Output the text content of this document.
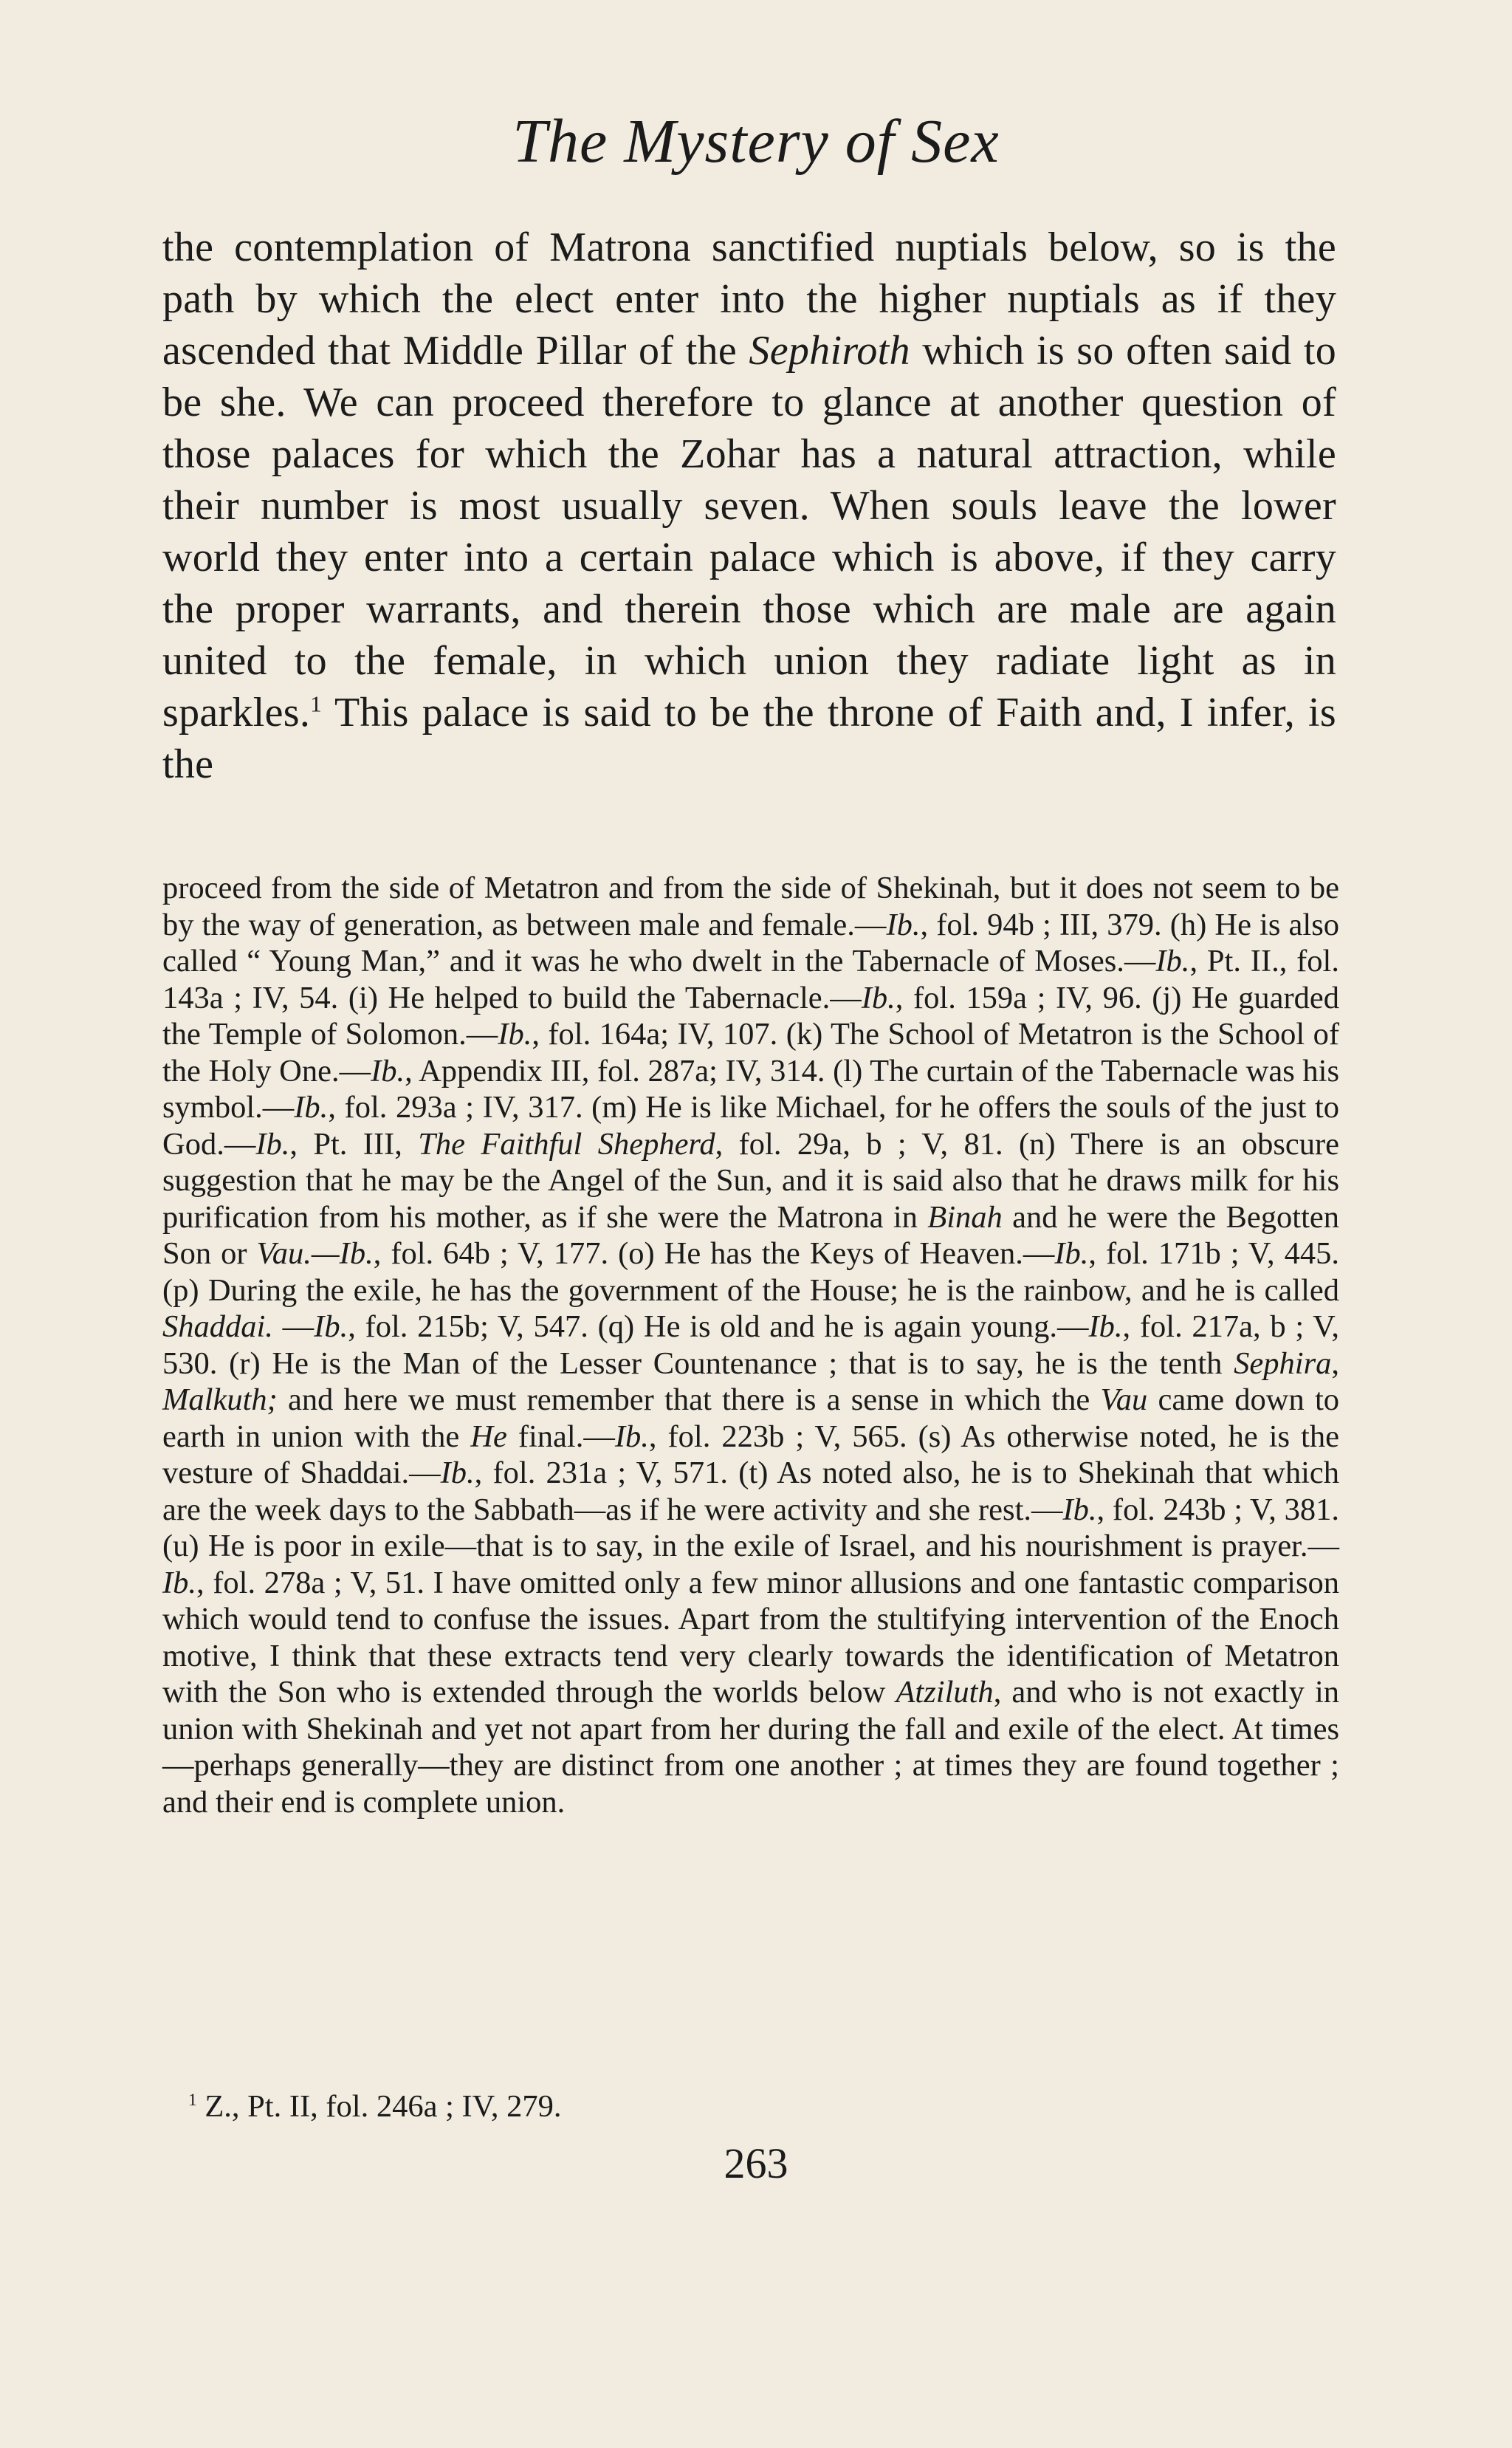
The Mystery of Sex

the contemplation of Matrona sanctified nuptials below, so is the path by which the elect enter into the higher nuptials as if they ascended that Middle Pillar of the Sephiroth which is so often said to be she. We can proceed therefore to glance at another question of those palaces for which the Zohar has a natural attraction, while their number is most usually seven. When souls leave the lower world they enter into a certain palace which is above, if they carry the proper warrants, and therein those which are male are again united to the female, in which union they radiate light as in sparkles.$^1$ This palace is said to be the throne of Faith and, I infer, is the

proceed from the side of Metatron and from the side of Shekinah, but it does not seem to be by the way of generation, as between male and female.—Ib., fol. 94b ; III, 379. (h) He is also called “ Young Man,” and it was he who dwelt in the Tabernacle of Moses.—Ib., Pt. II., fol. 143a ; IV, 54. (i) He helped to build the Tabernacle.—Ib., fol. 159a ; IV, 96. (j) He guarded the Temple of Solomon.—Ib., fol. 164a; IV, 107. (k) The School of Metatron is the School of the Holy One.—Ib., Appendix III, fol. 287a; IV, 314. (l) The curtain of the Tabernacle was his symbol.—Ib., fol. 293a ; IV, 317. (m) He is like Michael, for he offers the souls of the just to God.—Ib., Pt. III, The Faithful Shepherd, fol. 29a, b ; V, 81. (n) There is an obscure suggestion that he may be the Angel of the Sun, and it is said also that he draws milk for his purification from his mother, as if she were the Matrona in Binah and he were the Begotten Son or Vau.—Ib., fol. 64b ; V, 177. (o) He has the Keys of Heaven.—Ib., fol. 171b ; V, 445. (p) During the exile, he has the government of the House; he is the rainbow, and he is called Shaddai. —Ib., fol. 215b; V, 547. (q) He is old and he is again young.—Ib., fol. 217a, b ; V, 530. (r) He is the Man of the Lesser Countenance ; that is to say, he is the tenth Sephira, Malkuth; and here we must remember that there is a sense in which the Vau came down to earth in union with the He final.—Ib., fol. 223b ; V, 565. (s) As otherwise noted, he is the vesture of Shaddai.—Ib., fol. 231a ; V, 571. (t) As noted also, he is to Shekinah that which are the week days to the Sabbath—as if he were activity and she rest.—Ib., fol. 243b ; V, 381. (u) He is poor in exile—that is to say, in the exile of Israel, and his nourishment is prayer.—Ib., fol. 278a ; V, 51. I have omitted only a few minor allusions and one fantastic comparison which would tend to confuse the issues. Apart from the stultifying intervention of the Enoch motive, I think that these extracts tend very clearly towards the identification of Metatron with the Son who is extended through the worlds below Atziluth, and who is not exactly in union with Shekinah and yet not apart from her during the fall and exile of the elect. At times—perhaps generally—they are distinct from one another ; at times they are found together ; and their end is complete union.

$^1$ Z., Pt. II, fol. 246a ; IV, 279.

263
